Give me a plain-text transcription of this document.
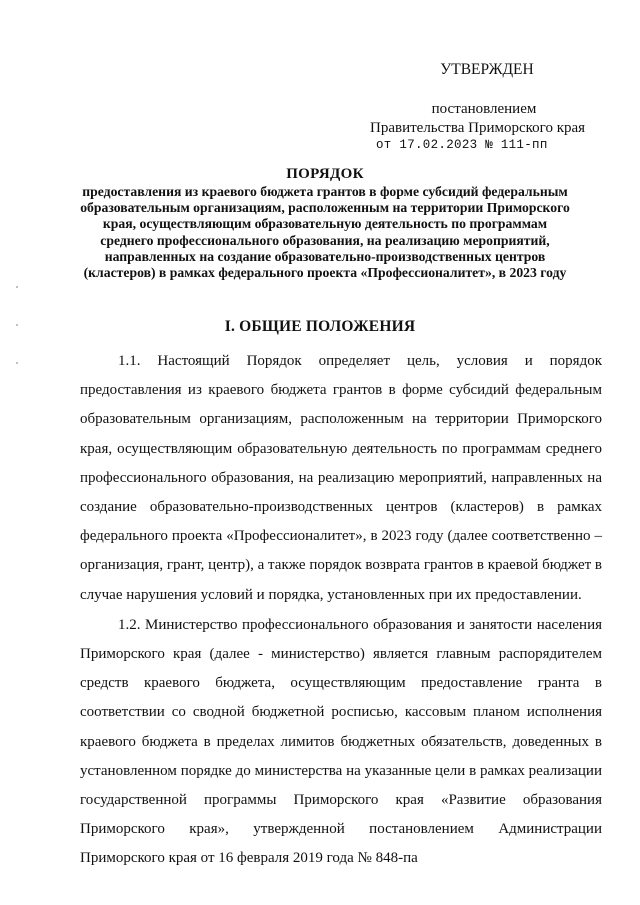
УТВЕРЖДЕН
постановлением
Правительства Приморского края
от 17.02.2023 № 111-пп
ПОРЯДОК
предоставления из краевого бюджета грантов в форме субсидий федеральным образовательным организациям, расположенным на территории Приморского края, осуществляющим образовательную деятельность по программам среднего профессионального образования, на реализацию мероприятий, направленных на создание образовательно-производственных центров (кластеров) в рамках федерального проекта «Профессионалитет», в 2023 году
I. ОБЩИЕ ПОЛОЖЕНИЯ

1.1. Настоящий Порядок определяет цель, условия и порядок предоставления из краевого бюджета грантов в форме субсидий федеральным образовательным организациям, расположенным на территории Приморского края, осуществляющим образовательную деятельность по программам среднего профессионального образования, на реализацию мероприятий, направленных на создание образовательно-производственных центров (кластеров) в рамках федерального проекта «Профессионалитет», в 2023 году (далее соответственно – организация, грант, центр), а также порядок возврата грантов в краевой бюджет в случае нарушения условий и порядка, установленных при их предоставлении.

1.2. Министерство профессионального образования и занятости населения Приморского края (далее - министерство) является главным распорядителем средств краевого бюджета, осуществляющим предоставление гранта в соответствии со сводной бюджетной росписью, кассовым планом исполнения краевого бюджета в пределах лимитов бюджетных обязательств, доведенных в установленном порядке до министерства на указанные цели в рамках реализации государственной программы Приморского края «Развитие образования Приморского края», утвержденной постановлением Администрации Приморского края от 16 февраля 2019 года № 848-па
